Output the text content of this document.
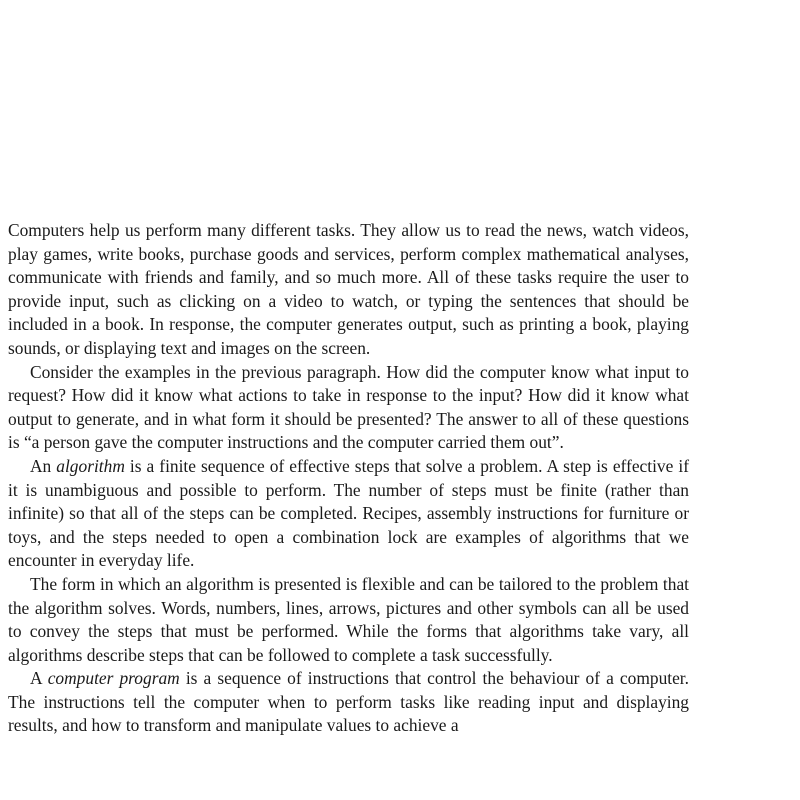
Computers help us perform many different tasks. They allow us to read the news, watch videos, play games, write books, purchase goods and services, perform complex mathematical analyses, communicate with friends and family, and so much more. All of these tasks require the user to provide input, such as clicking on a video to watch, or typing the sentences that should be included in a book. In response, the computer generates output, such as printing a book, playing sounds, or displaying text and images on the screen.

Consider the examples in the previous paragraph. How did the computer know what input to request? How did it know what actions to take in response to the input? How did it know what output to generate, and in what form it should be presented? The answer to all of these questions is “a person gave the computer instructions and the computer carried them out”.

An algorithm is a finite sequence of effective steps that solve a problem. A step is effective if it is unambiguous and possible to perform. The number of steps must be finite (rather than infinite) so that all of the steps can be completed. Recipes, assembly instructions for furniture or toys, and the steps needed to open a combination lock are examples of algorithms that we encounter in everyday life.

The form in which an algorithm is presented is flexible and can be tailored to the problem that the algorithm solves. Words, numbers, lines, arrows, pictures and other symbols can all be used to convey the steps that must be performed. While the forms that algorithms take vary, all algorithms describe steps that can be followed to complete a task successfully.

A computer program is a sequence of instructions that control the behaviour of a computer. The instructions tell the computer when to perform tasks like reading input and displaying results, and how to transform and manipulate values to achieve a
